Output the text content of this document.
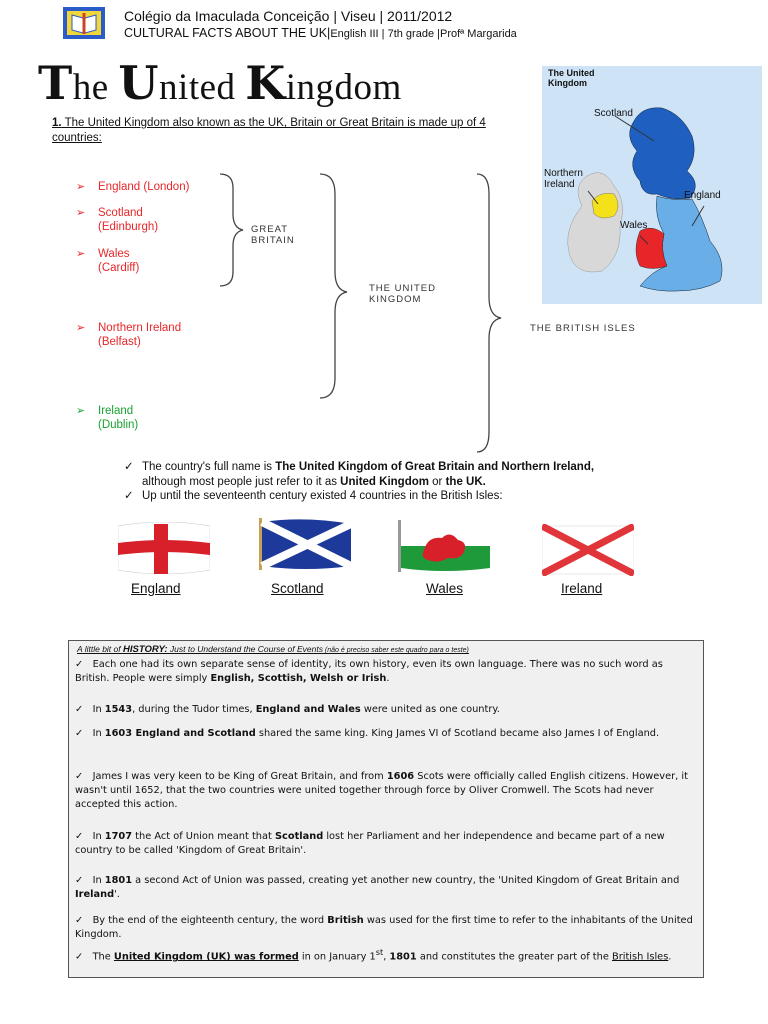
Colégio da Imaculada Conceição | Viseu | 2011/2012
CULTURAL FACTS ABOUT THE UK|English III | 7th grade |Profª Margarida
The United Kingdom	The United Kingdom
Scotland
Northern Ireland
England
Wales
1. The United Kingdom also known as the UK, Britain or Great Britain is made up of 4 countries:
➢ England (London)
➢ Scotland
(Edinburgh)
➢ Wales
(Cardiff)
➢ Northern Ireland
(Belfast)
➢ Ireland
(Dublin)
GREAT
BRITAIN
THE UNITED
KINGDOM
THE BRITISH ISLES

✓ The country's full name is The United Kingdom of Great Britain and Northern Ireland,
although most people just refer to it as United Kingdom or the UK.

✓ Up until the seventeenth century existed 4 countries in the British Isles:

England	Scotland	Wales	Ireland
A little bit of HISTORY: Just to Understand the Course of Events (não é preciso saber este quadro para o teste)
✓ Each one had its own separate sense of identity, its own history, even its own language. There was no such word as British. People were simply English, Scottish, Welsh or Irish.
✓ In 1543, during the Tudor times, England and Wales were united as one country.
✓ In 1603 England and Scotland shared the same king. King James VI of Scotland became also James I of England.
✓ James I was very keen to be King of Great Britain, and from 1606 Scots were officially called English citizens. However, it wasn't until 1652, that the two countries were united together through force by Oliver Cromwell. The Scots had never accepted this action.
✓ In 1707 the Act of Union meant that Scotland lost her Parliament and her independence and became part of a new country to be called 'Kingdom of Great Britain'.
✓ In 1801 a second Act of Union was passed, creating yet another new country, the 'United Kingdom of Great Britain and Ireland'.
✓ By the end of the eighteenth century, the word British was used for the first time to refer to the inhabitants of the United Kingdom.
✓ The United Kingdom (UK) was formed in on January 1st, 1801 and constitutes the greater part of the British Isles.
